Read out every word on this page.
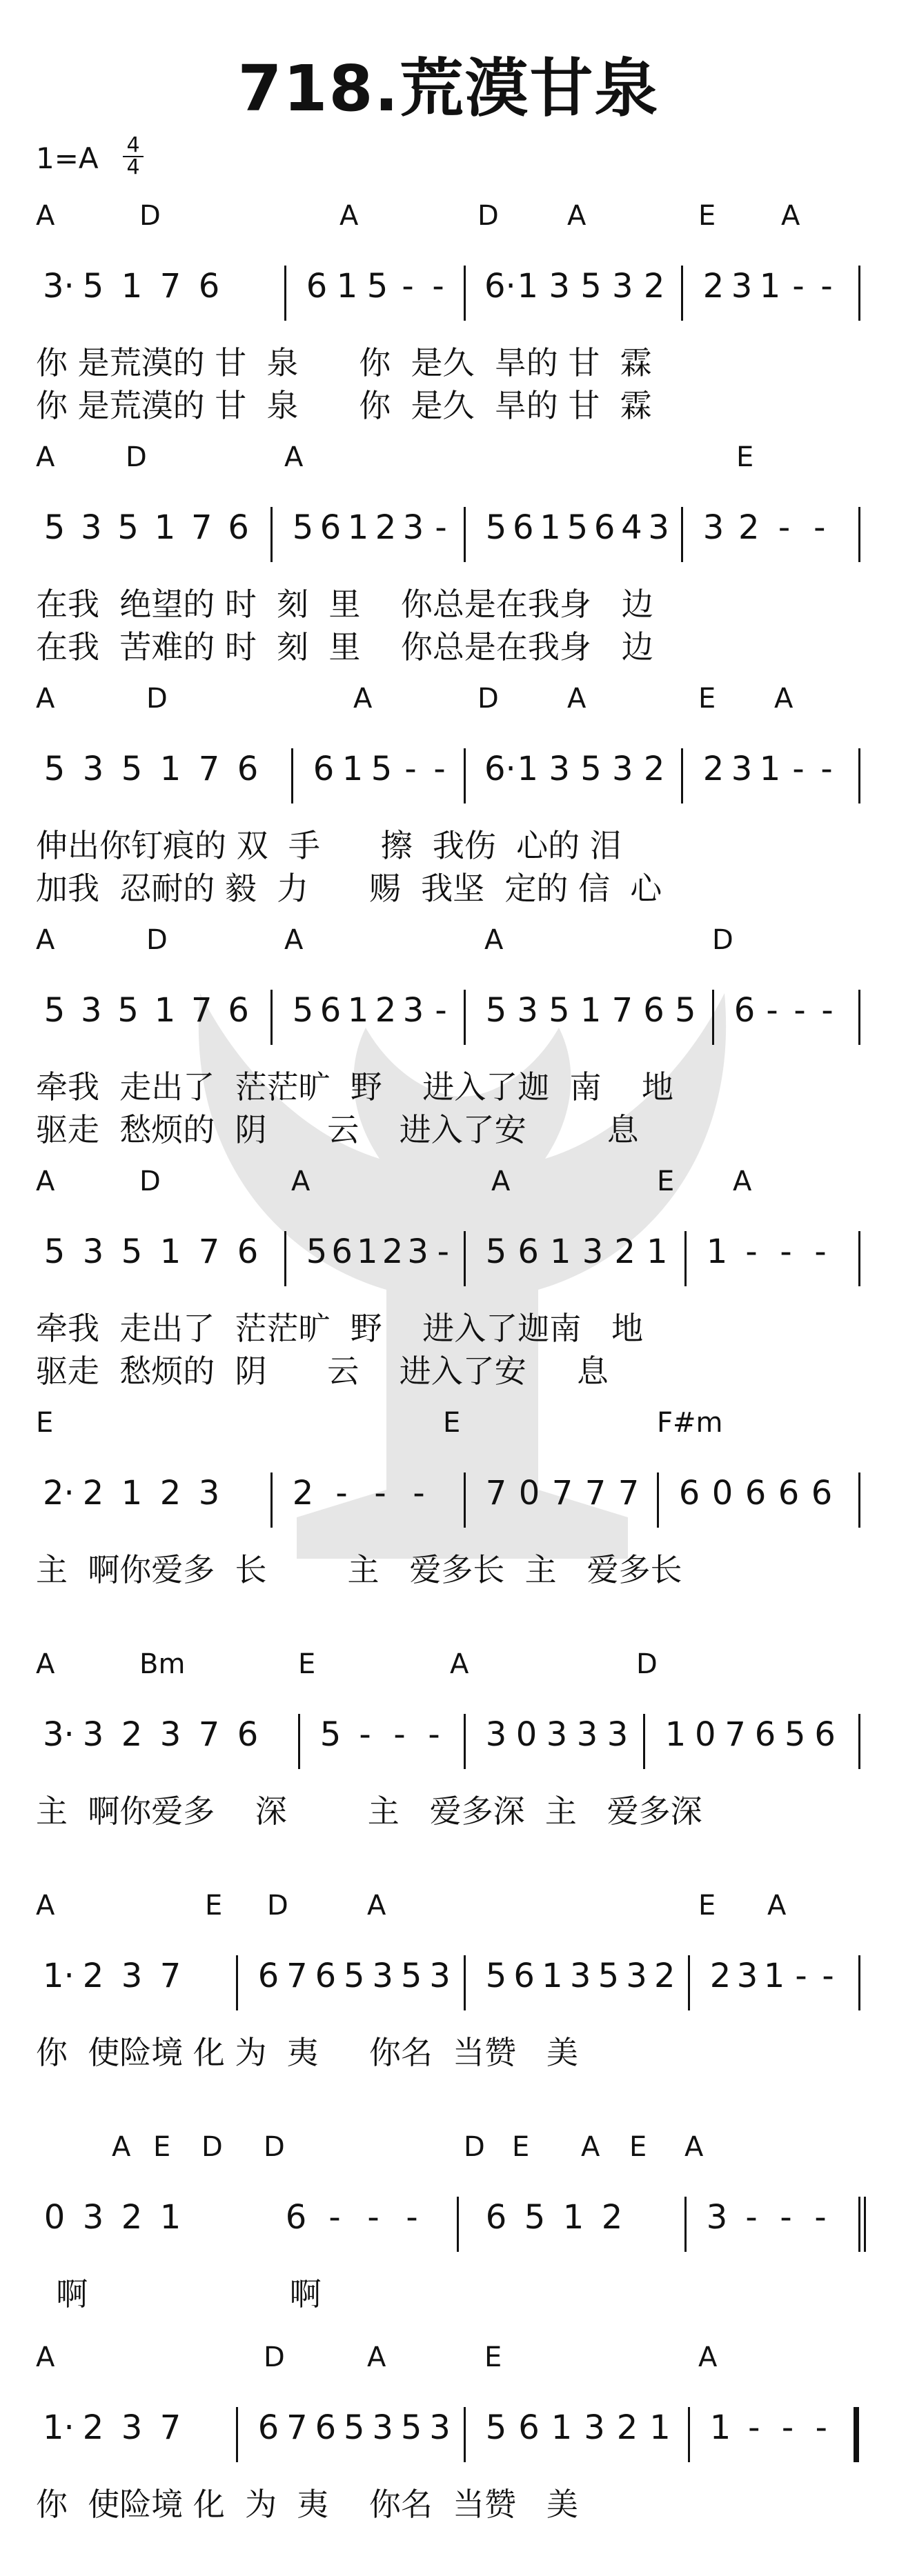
718.荒漠甘泉
1=A 4
4
A	D	A	D A	E A
3· 5 1 7 6	6 1 5 - - 6· 1 3 5 3 2 2 3 1 - -
你 是荒漠的 甘  泉      你  是久  旱的 甘  霖
你 是荒漠的 甘  泉      你  是久  旱的 甘  霖
A	D	A	E
5 3 5 1 7 6 5 6 1 2 3 - 5 6 1 5 6 4 3 3 2 - -
在我  绝望的 时  刻  里    你总是在我身   边
在我  苦难的 时  刻  里    你总是在我身   边
A	D	A	D A	E A
5 3 5 1 7 6 6 1 5 - - 6· 1 3 5 3 2 2 3 1 - -
伸出你钉痕的 双  手      擦  我伤  心的 泪
加我  忍耐的 毅  力      赐  我坚  定的 信  心
A	D	A	A	D
5 3 5 1 7 6 5 6 1 2 3 - 5 3 5 1 7 6 5 6 - - -
牵我  走出了  茫茫旷  野    进入了迦  南    地
驱走  愁烦的  阴      云    进入了安        息
A	D	A	A	E A
5 3 5 1 7 6 5 6 1 2 3 - 5 6 1 3 2 1 1 - - -
牵我  走出了  茫茫旷  野    进入了迦南   地
驱走  愁烦的  阴      云    进入了安     息
E	E	F#m
2· 2 1 2 3 2 - - - 7 0 7 7 7 6 0 6 6 6
主  啊你爱多  长        主   爱多长  主   爱多长
A	Bm	E	A	D
3· 3 2 3 7 6 5 - - - 3 0 3 3 3 1 0 7 6 5 6
主  啊你爱多    深        主   爱多深  主   爱多深
A	E D	A	E A
1· 2 3 7 6 7 6 5 3 5 3 5 6 1 3 5 3 2 2 3 1 - -
你  使险境 化 为  夷     你名  当赞   美
A E D D	D E A E A
0 3 2 1	6 - - - 6 5 1 2	3 - - -
啊                    啊
A	D	A	E	A
1· 2 3 7 6 7 6 5 3 5 3 5 6 1 3 2 1 1 - - -
你  使险境 化  为  夷    你名  当赞   美
